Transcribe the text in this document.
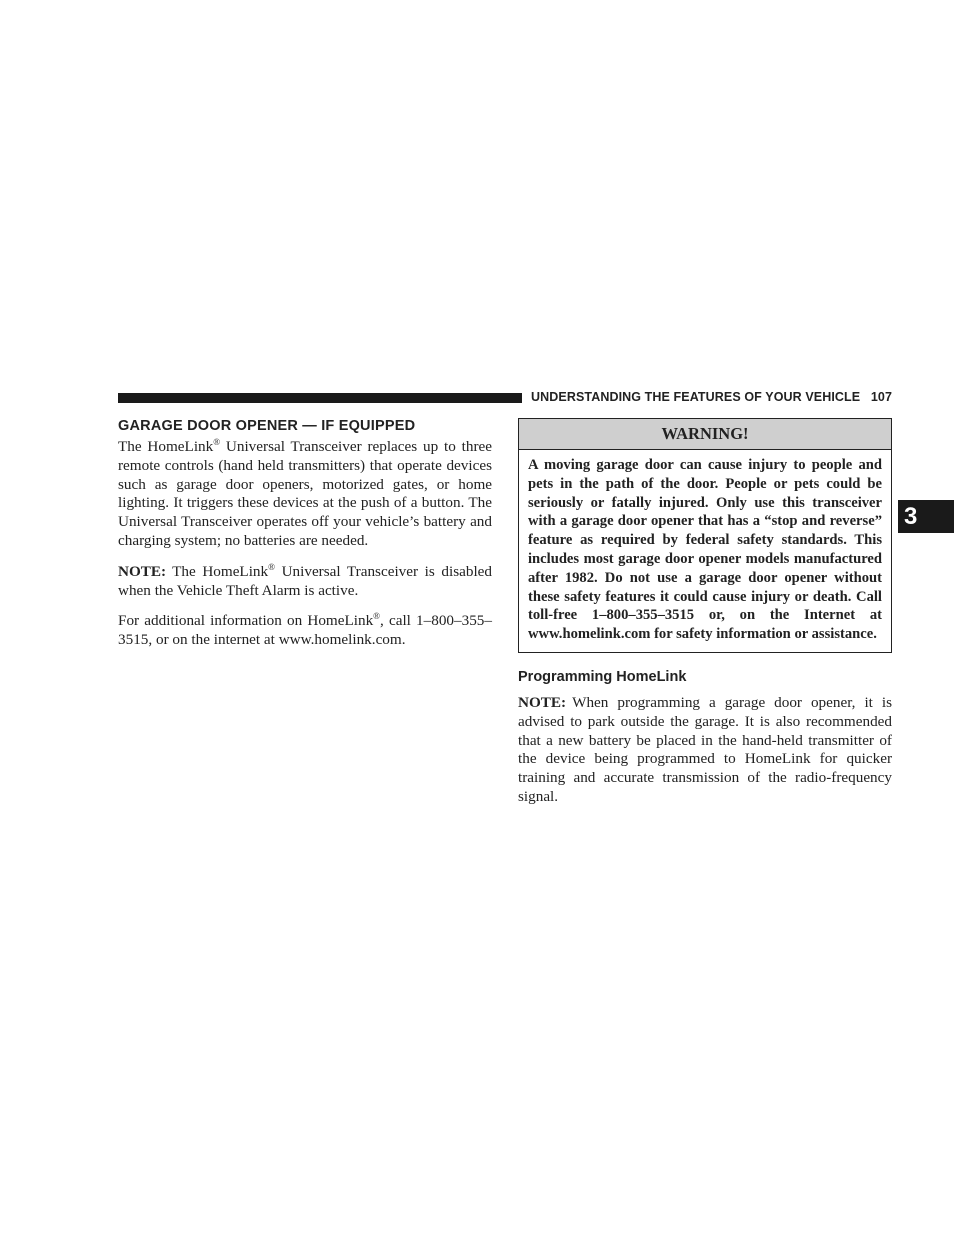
UNDERSTANDING THE FEATURES OF YOUR VEHICLE 107
3
GARAGE DOOR OPENER — IF EQUIPPED

The HomeLink® Universal Transceiver replaces up to three remote controls (hand held transmitters) that operate devices such as garage door openers, motorized gates, or home lighting. It triggers these devices at the push of a button. The Universal Transceiver operates off your vehicle’s battery and charging system; no batteries are needed.

NOTE: The HomeLink® Universal Transceiver is disabled when the Vehicle Theft Alarm is active.

For additional information on HomeLink®, call 1–800–355–3515, or on the internet at www.homelink.com.

WARNING!
A moving garage door can cause injury to people and pets in the path of the door. People or pets could be seriously or fatally injured. Only use this transceiver with a garage door opener that has a “stop and reverse” feature as required by federal safety standards. This includes most garage door opener models manufactured after 1982. Do not use a garage door opener without these safety features it could cause injury or death. Call toll-free 1–800–355–3515 or, on the Internet at www.homelink.com for safety information or assistance.
Programming HomeLink

NOTE: When programming a garage door opener, it is advised to park outside the garage. It is also recommended that a new battery be placed in the hand-held transmitter of the device being programmed to HomeLink for quicker training and accurate transmission of the radio-frequency signal.
